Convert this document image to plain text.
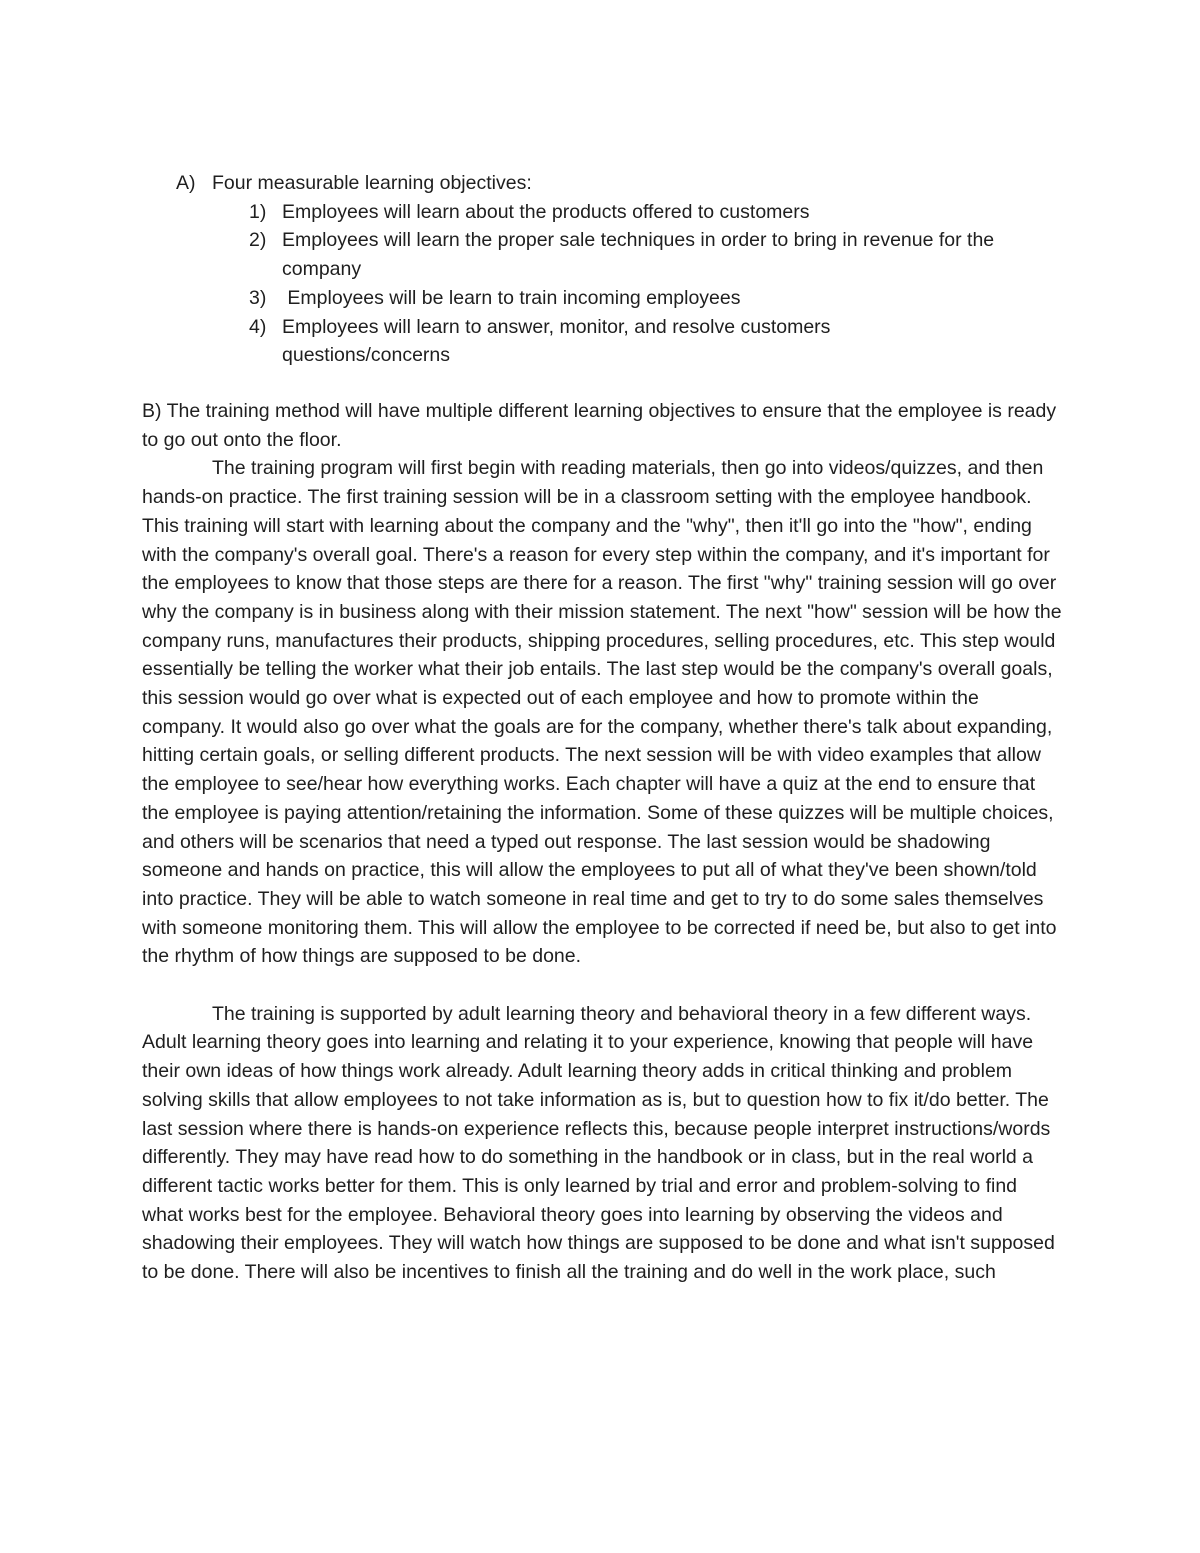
A) Four measurable learning objectives:
1) Employees will learn about the products offered to customers
2) Employees will learn the proper sale techniques in order to bring in revenue for the company
3) Employees will be learn to train incoming employees
4) Employees will learn to answer, monitor, and resolve customers questions/concerns

B) The training method will have multiple different learning objectives to ensure that the employee is ready to go out onto the floor.

The training program will first begin with reading materials, then go into videos/quizzes, and then hands-on practice. The first training session will be in a classroom setting with the employee handbook. This training will start with learning about the company and the "why", then it'll go into the "how", ending with the company's overall goal. There's a reason for every step within the company, and it's important for the employees to know that those steps are there for a reason. The first "why" training session will go over why the company is in business along with their mission statement. The next "how" session will be how the company runs, manufactures their products, shipping procedures, selling procedures, etc. This step would essentially be telling the worker what their job entails. The last step would be the company's overall goals, this session would go over what is expected out of each employee and how to promote within the company. It would also go over what the goals are for the company, whether there's talk about expanding, hitting certain goals, or selling different products. The next session will be with video examples that allow the employee to see/hear how everything works. Each chapter will have a quiz at the end to ensure that the employee is paying attention/retaining the information. Some of these quizzes will be multiple choices, and others will be scenarios that need a typed out response. The last session would be shadowing someone and hands on practice, this will allow the employees to put all of what they've been shown/told into practice. They will be able to watch someone in real time and get to try to do some sales themselves with someone monitoring them. This will allow the employee to be corrected if need be, but also to get into the rhythm of how things are supposed to be done.

The training is supported by adult learning theory and behavioral theory in a few different ways. Adult learning theory goes into learning and relating it to your experience, knowing that people will have their own ideas of how things work already. Adult learning theory adds in critical thinking and problem solving skills that allow employees to not take information as is, but to question how to fix it/do better. The last session where there is hands-on experience reflects this, because people interpret instructions/words differently. They may have read how to do something in the handbook or in class, but in the real world a different tactic works better for them. This is only learned by trial and error and problem-solving to find what works best for the employee. Behavioral theory goes into learning by observing the videos and shadowing their employees. They will watch how things are supposed to be done and what isn't supposed to be done. There will also be incentives to finish all the training and do well in the work place, such
